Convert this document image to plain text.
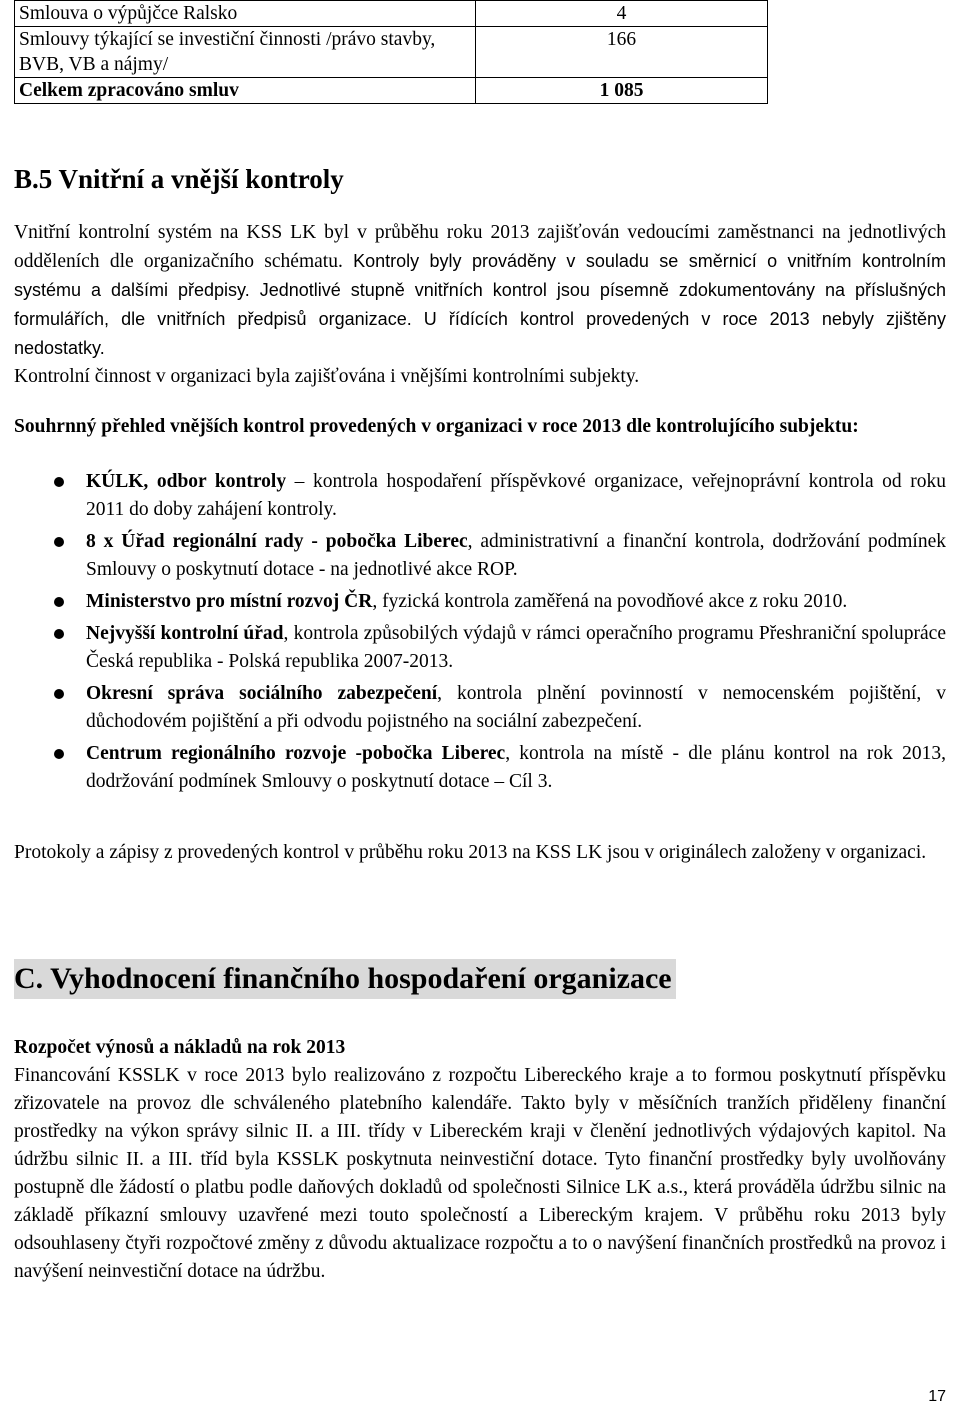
Smlouva o výpůjčce Ralsko	4
Smlouvy týkající se investiční činnosti /právo stavby, BVB, VB a nájmy/	166
Celkem zpracováno smluv	1 085
B.5 Vnitřní a vnější kontroly

Vnitřní kontrolní systém na KSS LK byl v průběhu roku 2013 zajišťován vedoucími zaměstnanci na jednotlivých odděleních dle organizačního schématu. Kontroly byly prováděny v souladu se směrnicí o vnitřním kontrolním systému a dalšími předpisy. Jednotlivé stupně vnitřních kontrol jsou písemně zdokumentovány na příslušných formulářích, dle vnitřních předpisů organizace. U řídících kontrol provedených v roce 2013 nebyly zjištěny nedostatky.
Kontrolní činnost v organizaci byla zajišťována i vnějšími kontrolními subjekty.

Souhrnný přehled vnějších kontrol provedených v organizaci v roce 2013 dle kontrolujícího subjektu:

KÚLK, odbor kontroly – kontrola hospodaření příspěvkové organizace, veřejnoprávní kontrola od roku 2011 do doby zahájení kontroly.
8 x Úřad regionální rady - pobočka Liberec, administrativní a finanční kontrola, dodržování podmínek Smlouvy o poskytnutí dotace - na jednotlivé akce ROP.
Ministerstvo pro místní rozvoj ČR, fyzická kontrola zaměřená na povodňové akce z roku 2010.
Nejvyšší kontrolní úřad, kontrola způsobilých výdajů v rámci operačního programu Přeshraniční spolupráce Česká republika - Polská republika 2007-2013.
Okresní správa sociálního zabezpečení, kontrola plnění povinností v nemocenském pojištění, v důchodovém pojištění a při odvodu pojistného na sociální zabezpečení.
Centrum regionálního rozvoje -pobočka Liberec, kontrola na místě - dle plánu kontrol na rok 2013, dodržování podmínek Smlouvy o poskytnutí dotace – Cíl 3.

Protokoly a zápisy z provedených kontrol v průběhu roku 2013 na KSS LK jsou v originálech založeny v organizaci.

C. Vyhodnocení finančního hospodaření organizace

Rozpočet výnosů a nákladů na rok 2013

Financování KSSLK v roce 2013 bylo realizováno z rozpočtu Libereckého kraje a to formou poskytnutí příspěvku zřizovatele na provoz dle schváleného platebního kalendáře. Takto byly v měsíčních tranžích přiděleny finanční prostředky na výkon správy silnic II. a III. třídy v Libereckém kraji v členění jednotlivých výdajových kapitol. Na údržbu silnic II. a III. tříd byla KSSLK poskytnuta neinvestiční dotace. Tyto finanční prostředky byly uvolňovány postupně dle žádostí o platbu podle daňových dokladů od společnosti Silnice LK a.s., která prováděla údržbu silnic na základě příkazní smlouvy uzavřené mezi touto společností a Libereckým krajem. V průběhu roku 2013 byly odsouhlaseny čtyři rozpočtové změny z důvodu aktualizace rozpočtu a to o navýšení finančních prostředků na provoz i navýšení neinvestiční dotace na údržbu.

17
